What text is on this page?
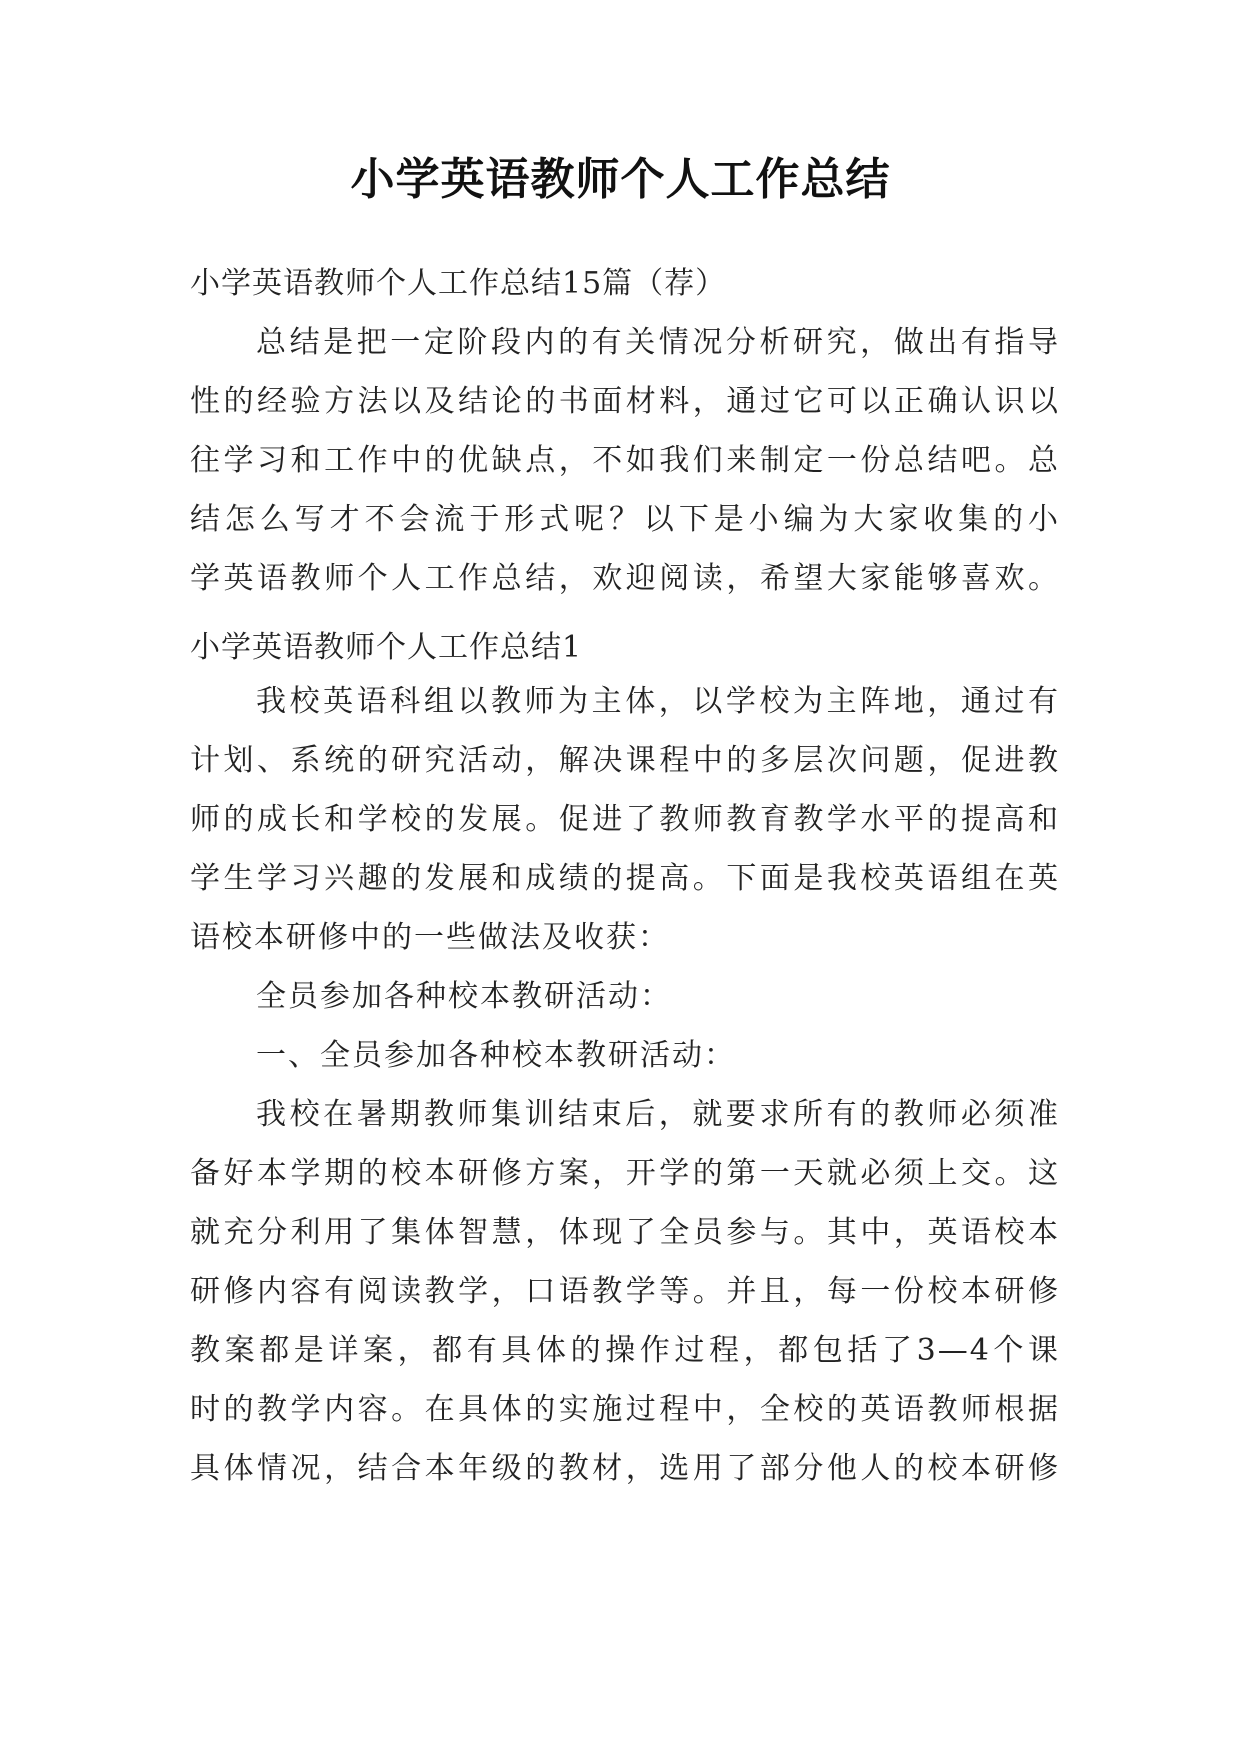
小学英语教师个人工作总结
小学英语教师个人工作总结15篇（荐）
总结是把一定阶段内的有关情况分析研究，做出有指导
性的经验方法以及结论的书面材料，通过它可以正确认识以
往学习和工作中的优缺点，不如我们来制定一份总结吧。总
结怎么写才不会流于形式呢？以下是小编为大家收集的小
学英语教师个人工作总结，欢迎阅读，希望大家能够喜欢。
小学英语教师个人工作总结1
我校英语科组以教师为主体，以学校为主阵地，通过有
计划、系统的研究活动，解决课程中的多层次问题，促进教
师的成长和学校的发展。促进了教师教育教学水平的提高和
学生学习兴趣的发展和成绩的提高。下面是我校英语组在英
语校本研修中的一些做法及收获：
全员参加各种校本教研活动：
一、全员参加各种校本教研活动：
我校在暑期教师集训结束后，就要求所有的教师必须准
备好本学期的校本研修方案，开学的第一天就必须上交。这
就充分利用了集体智慧，体现了全员参与。其中，英语校本
研修内容有阅读教学，口语教学等。并且，每一份校本研修
教案都是详案，都有具体的操作过程，都包括了3—4个课
时的教学内容。在具体的实施过程中，全校的英语教师根据
具体情况，结合本年级的教材，选用了部分他人的校本研修
